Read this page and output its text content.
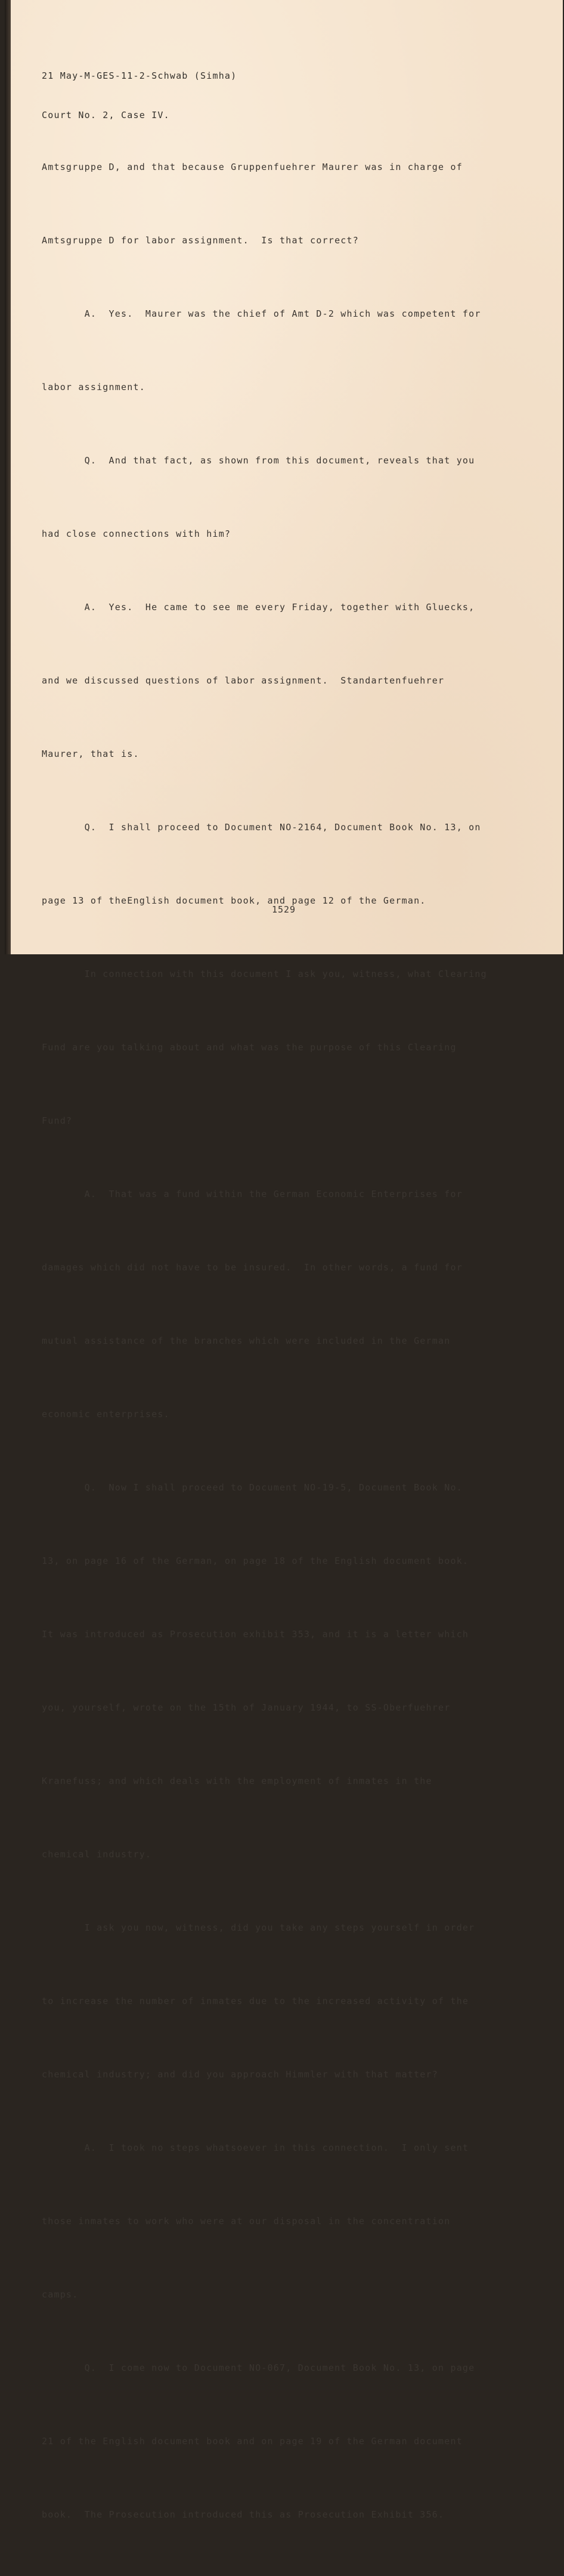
21 May-M-GES-11-2-Schwab (Simha)

Court No. 2, Case IV.

Amtsgruppe D, and that because Gruppenfuehrer Maurer was in charge of

Amtsgruppe D for labor assignment.  Is that correct?

A.  Yes.  Maurer was the chief of Amt D-2 which was competent for

labor assignment.

Q.  And that fact, as shown from this document, reveals that you

had close connections with him?

A.  Yes.  He came to see me every Friday, together with Gluecks,

and we discussed questions of labor assignment.  Standartenfuehrer

Maurer, that is.

Q.  I shall proceed to Document NO-2164, Document Book No. 13, on

page 13 of theEnglish document book, and page 12 of the German.

In connection with this document I ask you, witness, what Clearing

Fund are you talking about and what was the purpose of this Clearing

Fund?

A.  That was a fund within the German Economic Enterprises for

damages which did not have to be insured.  In other words, a fund for

mutual assistance of the branches which were included in the German

economic enterprises.

Q.  Now I shall proceed to Document NO-19-5, Document Book No.

13, on page 16 of the German, on page 18 of the English document book.

It was introduced as Prosecution exhibit 353, and it is a letter which

you, yourself, wrote on the 15th of January 1944, to SS-Oberfuehrer

Kranefuss; and which deals with the employment of inmates in the

chemical industry.

I ask you now, witness, did you take any steps yourself in order

to increase the number of inmates due to the increased activity of the

chemical industry; and did you approach Himmler with that matter?

A.  I took no steps whatsoever in this connection.  I only sent

those inmates to work who were at our disposal in the concentration

camps.

Q.  I come now to Document NO-067, Document Book No. 13, on page

21 of the English document book and on page 19 of the German document

book.  The Prosecution introduced this as Prosecution Exhibit 356.

1529
